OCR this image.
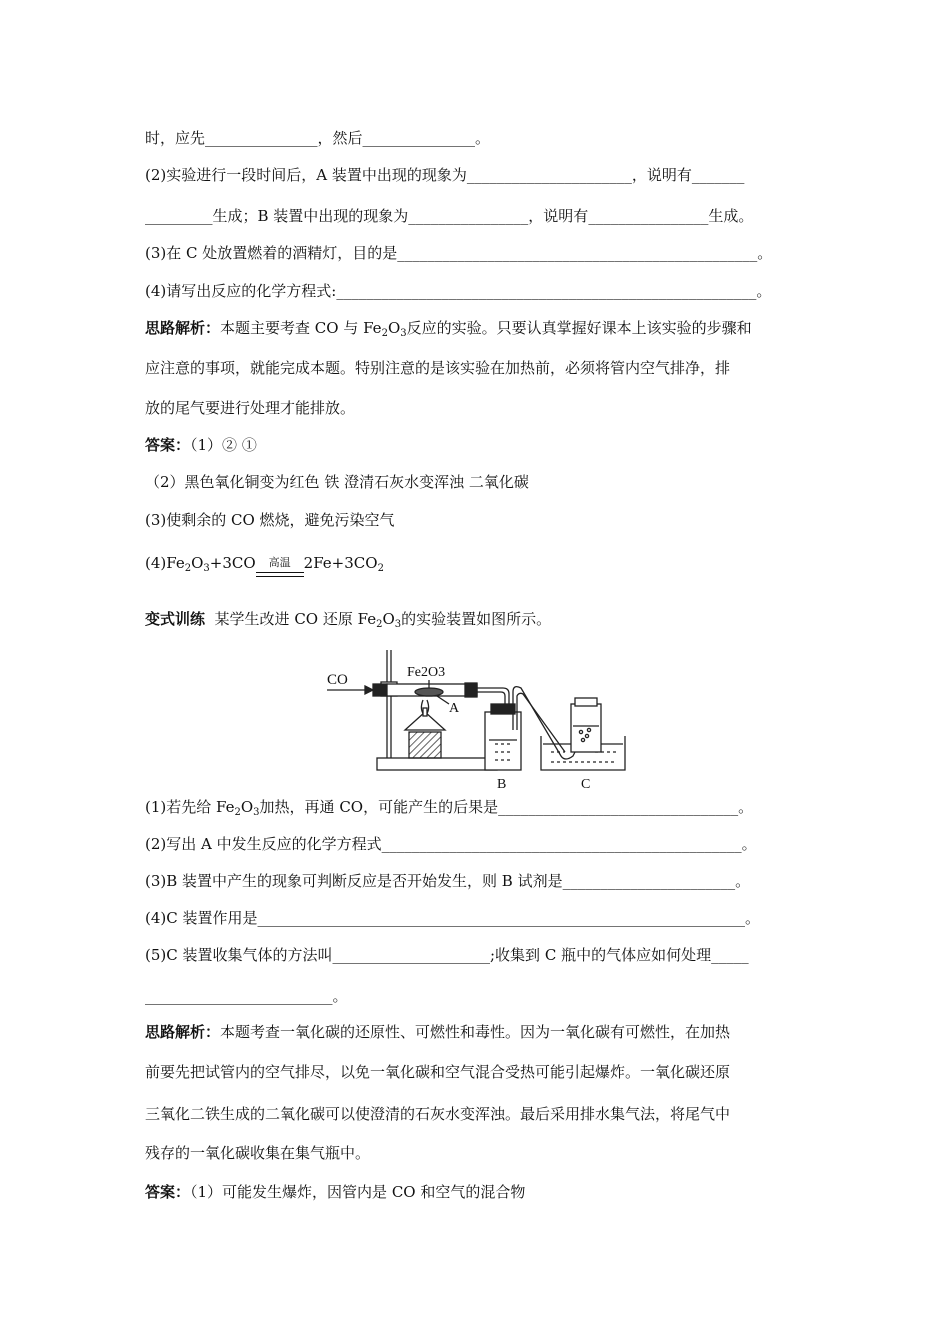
时，应先_______________，然后_______________。
(2)实验进行一段时间后，A 装置中出现的现象为______________________，说明有_______
_________生成；B 装置中出现的现象为________________，说明有________________生成。
(3)在 C 处放置燃着的酒精灯，目的是________________________________________________。
(4)请写出反应的化学方程式:________________________________________________________。
思路解析：本题主要考查 CO 与 $Fe_2O_3$反应的实验。只要认真掌握好课本上该实验的步骤和
应注意的事项，就能完成本题。特别注意的是该实验在加热前，必须将管内空气排净，排
放的尾气要进行处理才能排放。
答案：（1）② ①
（2）黑色氧化铜变为红色 铁 澄清石灰水变浑浊 二氧化碳
(3)使剩余的 CO 燃烧，避免污染空气
$(4)Fe_2O_3+3CO$ 高温 $2Fe+3CO_2$
变式训练  某学生改进 CO 还原 $Fe_2O_3$的实验装置如图所示。
CO	Fe2O3
A
B	C
(1)若先给 $Fe_2O_3$加热，再通 CO，可能产生的后果是________________________________。
(2)写出 A 中发生反应的化学方程式________________________________________________。
(3)B 装置中产生的现象可判断反应是否开始发生，则 B 试剂是_______________________。
(4)C 装置作用是_________________________________________________________________。
(5)C 装置收集气体的方法叫_____________________;收集到 C 瓶中的气体应如何处理_____
_________________________。
思路解析：本题考查一氧化碳的还原性、可燃性和毒性。因为一氧化碳有可燃性，在加热
前要先把试管内的空气排尽，以免一氧化碳和空气混合受热可能引起爆炸。一氧化碳还原
三氧化二铁生成的二氧化碳可以使澄清的石灰水变浑浊。最后采用排水集气法，将尾气中
残存的一氧化碳收集在集气瓶中。
答案：（1）可能发生爆炸，因管内是 CO 和空气的混合物
